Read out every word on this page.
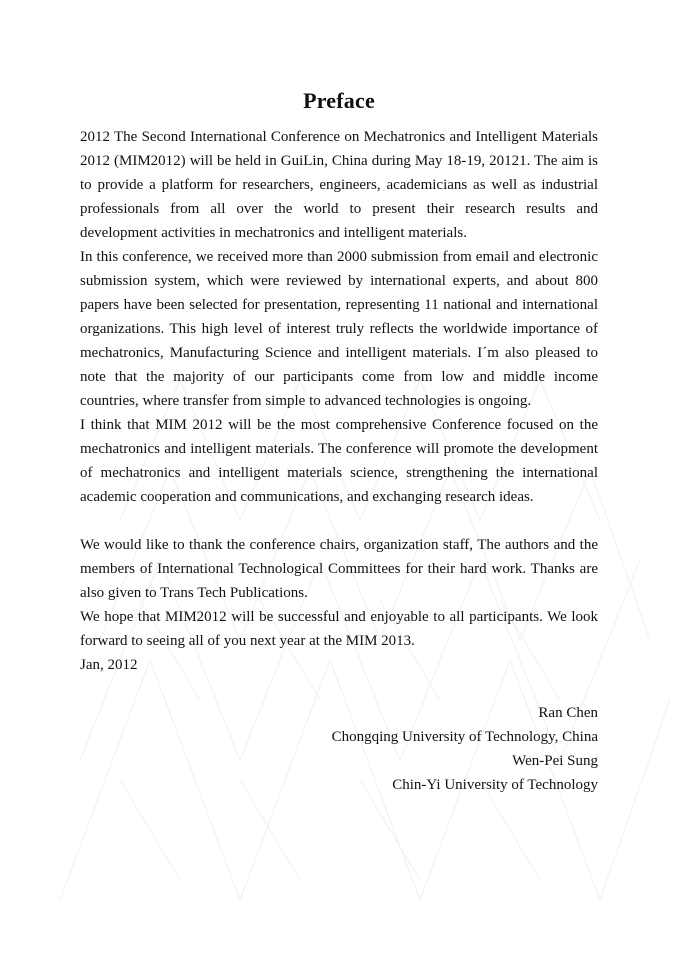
Preface

2012 The Second International Conference on Mechatronics and Intelligent Materials 2012 (MIM2012) will be held in GuiLin, China during May 18-19, 20121. The aim is to provide a platform for researchers, engineers, academicians as well as industrial professionals from all over the world to present their research results and development activities in mechatronics and intelligent materials.

In this conference, we received more than 2000 submission from email and electronic submission system, which were reviewed by international experts, and about 800 papers have been selected for presentation, representing 11 national and international organizations. This high level of interest truly reflects the worldwide importance of mechatronics, Manufacturing Science and intelligent materials. I´m also pleased to note that the majority of our participants come from low and middle income countries, where transfer from simple to advanced technologies is ongoing.

I think that MIM 2012 will be the most comprehensive Conference focused on the mechatronics and intelligent materials. The conference will promote the development of mechatronics and intelligent materials science, strengthening the international academic cooperation and communications, and exchanging research ideas.

We would like to thank the conference chairs, organization staff, The authors and the members of International Technological Committees for their hard work. Thanks are also given to Trans Tech Publications.

We hope that MIM2012 will be successful and enjoyable to all participants. We look forward to seeing all of you next year at the MIM 2013.

Jan, 2012

Ran Chen
Chongqing University of Technology, China
Wen-Pei Sung
Chin-Yi University of Technology
